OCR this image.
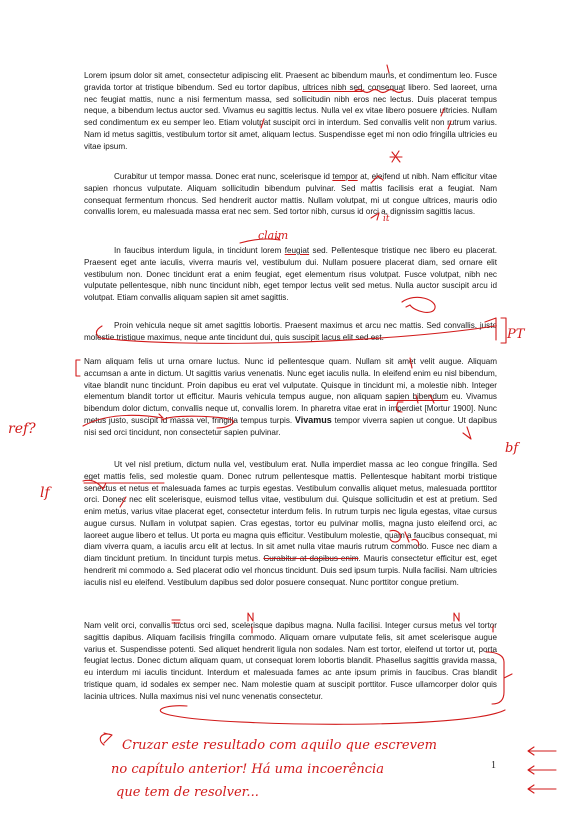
Lorem ipsum dolor sit amet, consectetur adipiscing elit. Praesent ac bibendum mauris, et condimentum leo. Fusce gravida tortor at tristique bibendum. Sed eu tortor dapibus, ultrices nibh sed, consequat libero. Sed laoreet, urna nec feugiat mattis, nunc a nisi fermentum massa, sed sollicitudin nibh eros nec lectus. Duis placerat tempus neque, a bibendum lectus auctor sed. Vivamus eu sagittis lectus. Nulla vel ex vitae libero posuere ultricies. Nullam sed condimentum ex eu semper leo. Etiam volutpat suscipit orci in interdum. Sed convallis velit non rutrum varius. Nam id metus sagittis, vestibulum tortor sit amet, aliquam lectus. Suspendisse eget mi non odio fringilla ultricies eu vitae ipsum.

Curabitur ut tempor massa. Donec erat nunc, scelerisque id tempor at, eleifend ut nibh. Nam efficitur vitae sapien rhoncus vulputate. Aliquam sollicitudin bibendum pulvinar. Sed mattis facilisis erat a feugiat. Nam consequat fermentum rhoncus. Sed hendrerit auctor mattis. Nullam volutpat, mi ut congue ultrices, mauris odio convallis lorem, eu malesuada massa erat nec sem. Sed tortor nibh, cursus id orci a, dignissim sagittis lacus.

In faucibus interdum ligula, in tincidunt lorem feugiat sed. Pellentesque tristique nec libero eu placerat. Praesent eget ante iaculis, viverra mauris vel, vestibulum dui. Nullam posuere placerat diam, sed ornare elit vestibulum non. Donec tincidunt erat a enim feugiat, eget elementum risus volutpat. Fusce volutpat, nibh nec vulputate pellentesque, nibh nunc tincidunt nibh, eget tempor lectus velit sed metus. Nulla auctor suscipit arcu id volutpat. Etiam convallis aliquam sapien sit amet sagittis.

Proin vehicula neque sit amet sagittis lobortis. Praesent maximus et arcu nec mattis. Sed convallis, justo molestie tristique maximus, neque ante tincidunt dui, quis suscipit lacus elit sed est.

Nam aliquam felis ut urna ornare luctus. Nunc id pellentesque quam. Nullam sit amet velit augue. Aliquam accumsan a ante in dictum. Ut sagittis varius venenatis. Nunc eget iaculis nulla. In eleifend enim eu nisl bibendum, vitae blandit nunc tincidunt. Proin dapibus eu erat vel vulputate. Quisque in tincidunt mi, a molestie nibh. Integer elementum blandit tortor ut efficitur. Mauris vehicula tempus augue, non aliquam sapien bibendum eu. Vivamus bibendum dolor dictum, convallis neque ut, convallis lorem. In pharetra vitae erat in imperdiet [Mortur 1900]. Nunc metus justo, suscipit id massa vel, fringilla tempus turpis. Vivamus tempor viverra sapien ut congue. Ut dapibus nisi sed orci tincidunt, non consectetur sapien pulvinar.

Ut vel nisl pretium, dictum nulla vel, vestibulum erat. Nulla imperdiet massa ac leo congue fringilla. Sed eget mattis felis, sed molestie quam. Donec rutrum pellentesque mattis. Pellentesque habitant morbi tristique senectus et netus et malesuada fames ac turpis egestas. Vestibulum convallis aliquet metus, malesuada porttitor orci. Donec nec elit scelerisque, euismod tellus vitae, vestibulum dui. Quisque sollicitudin et est at pretium. Sed enim metus, varius vitae placerat eget, consectetur interdum felis. In rutrum turpis nec ligula egestas, vitae cursus augue cursus. Nullam in volutpat sapien. Cras egestas, tortor eu pulvinar mollis, magna justo eleifend orci, ac laoreet augue libero et tellus. Ut porta eu magna quis efficitur. Vestibulum molestie, quam a faucibus consequat, mi diam viverra quam, a iaculis arcu elit at lectus. In sit amet nulla vitae mauris rutrum commodo. Fusce nec diam a diam tincidunt pretium. In tincidunt turpis metus. Curabitur at dapibus enim. Mauris consectetur efficitur est, eget hendrerit mi commodo a. Sed placerat odio vel rhoncus tincidunt. Duis sed ipsum turpis. Nulla facilisi. Nam ultricies iaculis nisl eu eleifend. Vestibulum dapibus sed dolor posuere consequat. Nunc porttitor congue pretium.

Nam velit orci, convallis luctus orci sed, scelerisque dapibus magna. Nulla facilisi. Integer cursus metus vel tortor sagittis dapibus. Aliquam facilisis fringilla commodo. Aliquam ornare vulputate felis, sit amet scelerisque augue varius et. Suspendisse potenti. Sed aliquet hendrerit ligula non sodales. Nam est tortor, eleifend ut tortor ut, porta feugiat lectus. Donec dictum aliquam quam, ut consequat lorem lobortis blandit. Phasellus sagittis gravida massa, eu interdum mi iaculis tincidunt. Interdum et malesuada fames ac ante ipsum primis in faucibus. Cras blandit tristique quam, id sodales ex semper nec. Nam molestie quam at suscipit porttitor. Fusce ullamcorper dolor quis lacinia ultrices. Nulla maximus nisi vel nunc venenatis consectetur.

claim
it
PT
ref?
bf
lf
Cruzar este resultado com aquilo que escrevem
no capítulo anterior! Há uma incoerência
que tem de resolver...
1
